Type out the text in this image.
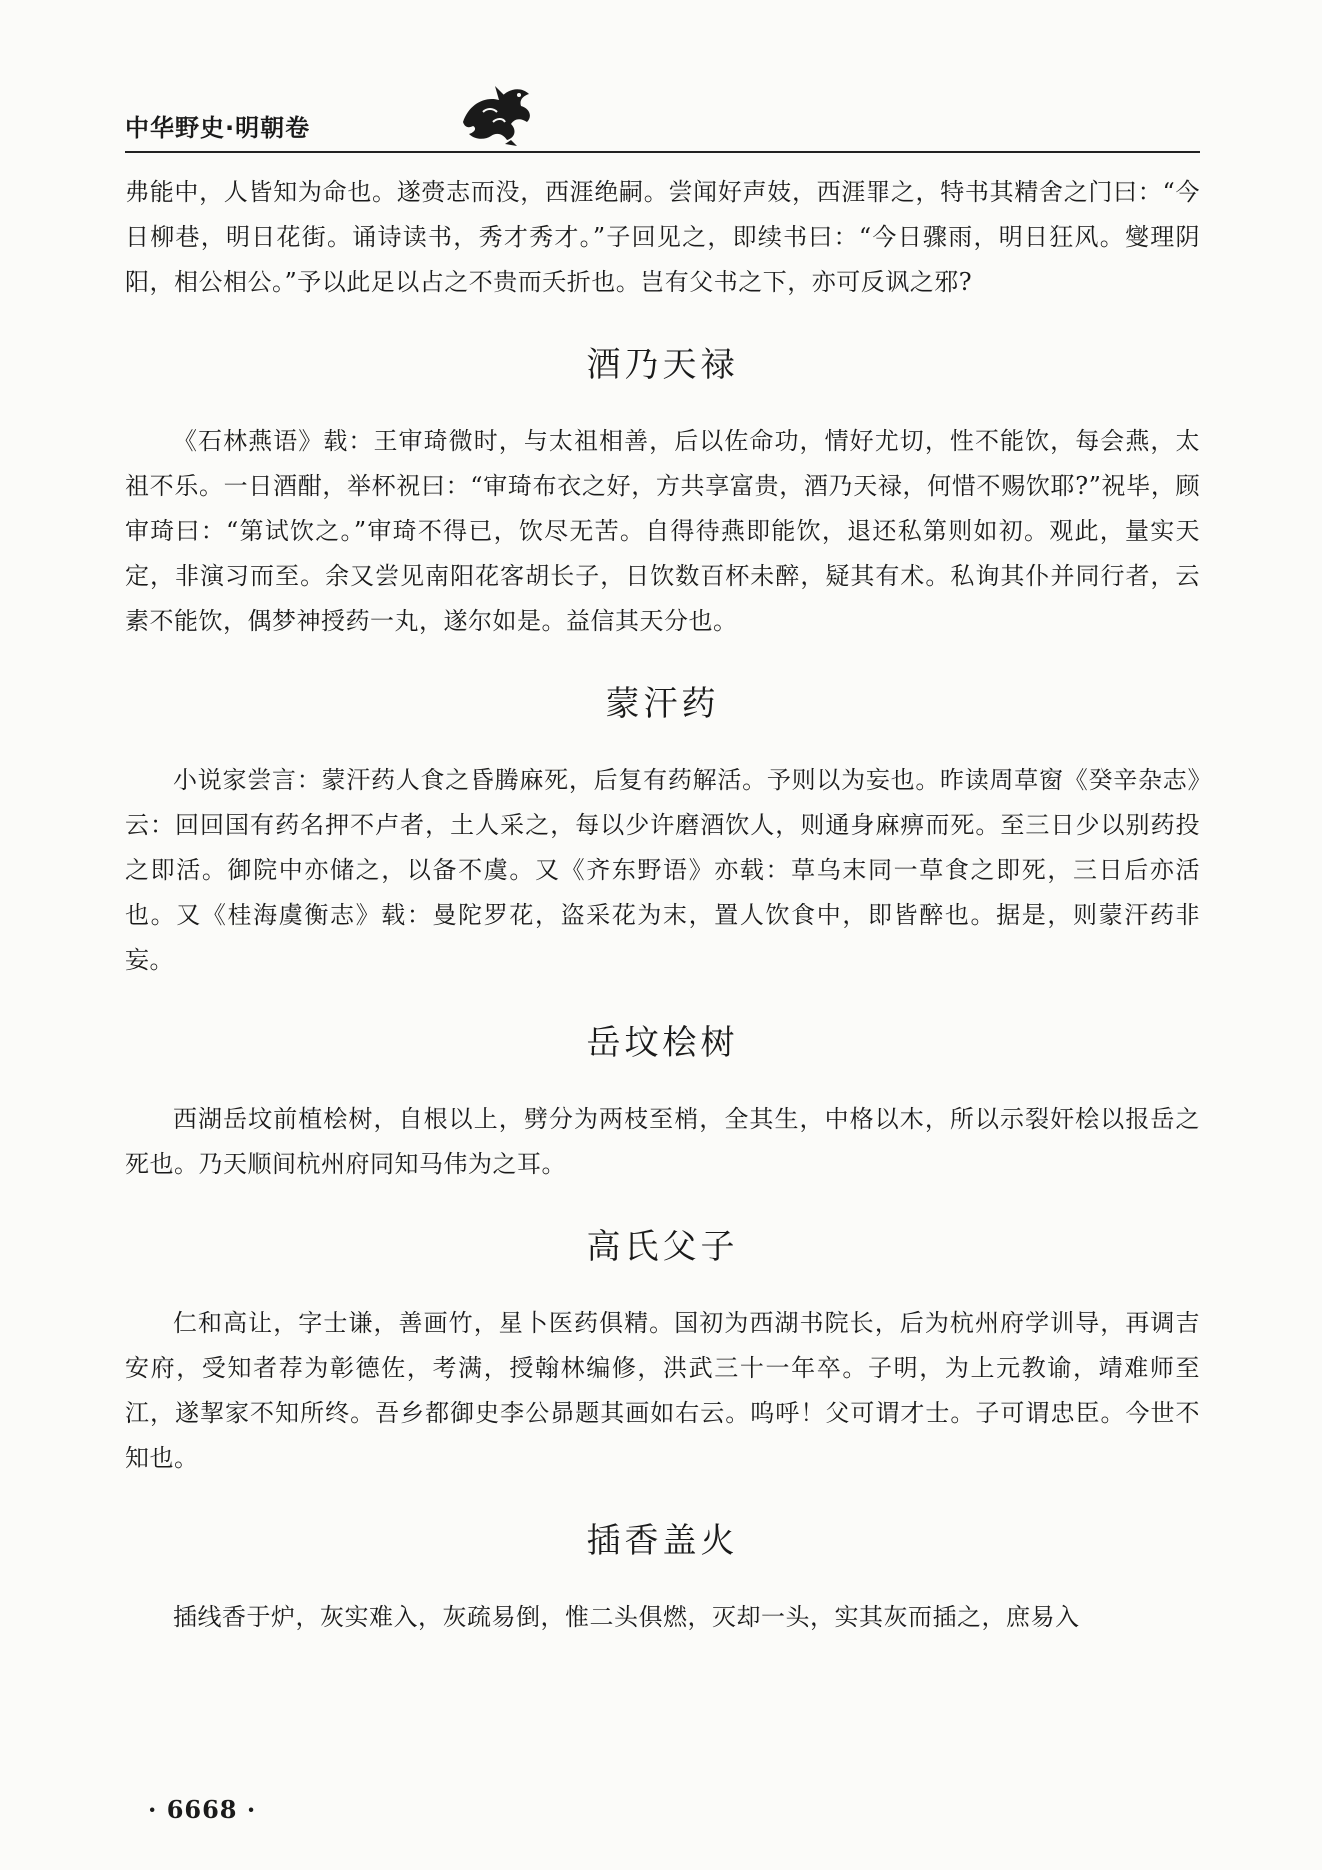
中华野史·明朝卷

弗能中，人皆知为命也。遂赍志而没，西涯绝嗣。尝闻好声妓，西涯罪之，特书其精舍之门曰：“今日柳巷，明日花街。诵诗读书，秀才秀才。”子回见之，即续书曰：“今日骤雨，明日狂风。燮理阴阳，相公相公。”予以此足以占之不贵而夭折也。岂有父书之下，亦可反讽之邪?

酒乃天禄

《石林燕语》载：王审琦微时，与太祖相善，后以佐命功，情好尤切，性不能饮，每会燕，太祖不乐。一日酒酣，举杯祝曰：“审琦布衣之好，方共享富贵，酒乃天禄，何惜不赐饮耶?”祝毕，顾审琦曰：“第试饮之。”审琦不得已，饮尽无苦。自得待燕即能饮，退还私第则如初。观此，量实天定，非演习而至。余又尝见南阳花客胡长子，日饮数百杯未醉，疑其有术。私询其仆并同行者，云素不能饮，偶梦神授药一丸，遂尔如是。益信其天分也。

蒙汗药

小说家尝言：蒙汗药人食之昏腾麻死，后复有药解活。予则以为妄也。昨读周草窗《癸辛杂志》云：回回国有药名押不卢者，土人采之，每以少许磨酒饮人，则通身麻痹而死。至三日少以别药投之即活。御院中亦储之，以备不虞。又《齐东野语》亦载：草乌末同一草食之即死，三日后亦活也。又《桂海虞衡志》载：曼陀罗花，盗采花为末，置人饮食中，即皆醉也。据是，则蒙汗药非妄。

岳坟桧树

西湖岳坟前植桧树，自根以上，劈分为两枝至梢，全其生，中格以木，所以示裂奸桧以报岳之死也。乃天顺间杭州府同知马伟为之耳。

高氏父子

仁和高让，字士谦，善画竹，星卜医药俱精。国初为西湖书院长，后为杭州府学训导，再调吉安府，受知者荐为彰德佐，考满，授翰林编修，洪武三十一年卒。子明，为上元教谕，靖难师至江，遂挈家不知所终。吾乡都御史李公昴题其画如右云。呜呼！父可谓才士。子可谓忠臣。今世不知也。

插香盖火

插线香于炉，灰实难入，灰疏易倒，惟二头俱燃，灭却一头，实其灰而插之，庶易入

· 6668 ·
